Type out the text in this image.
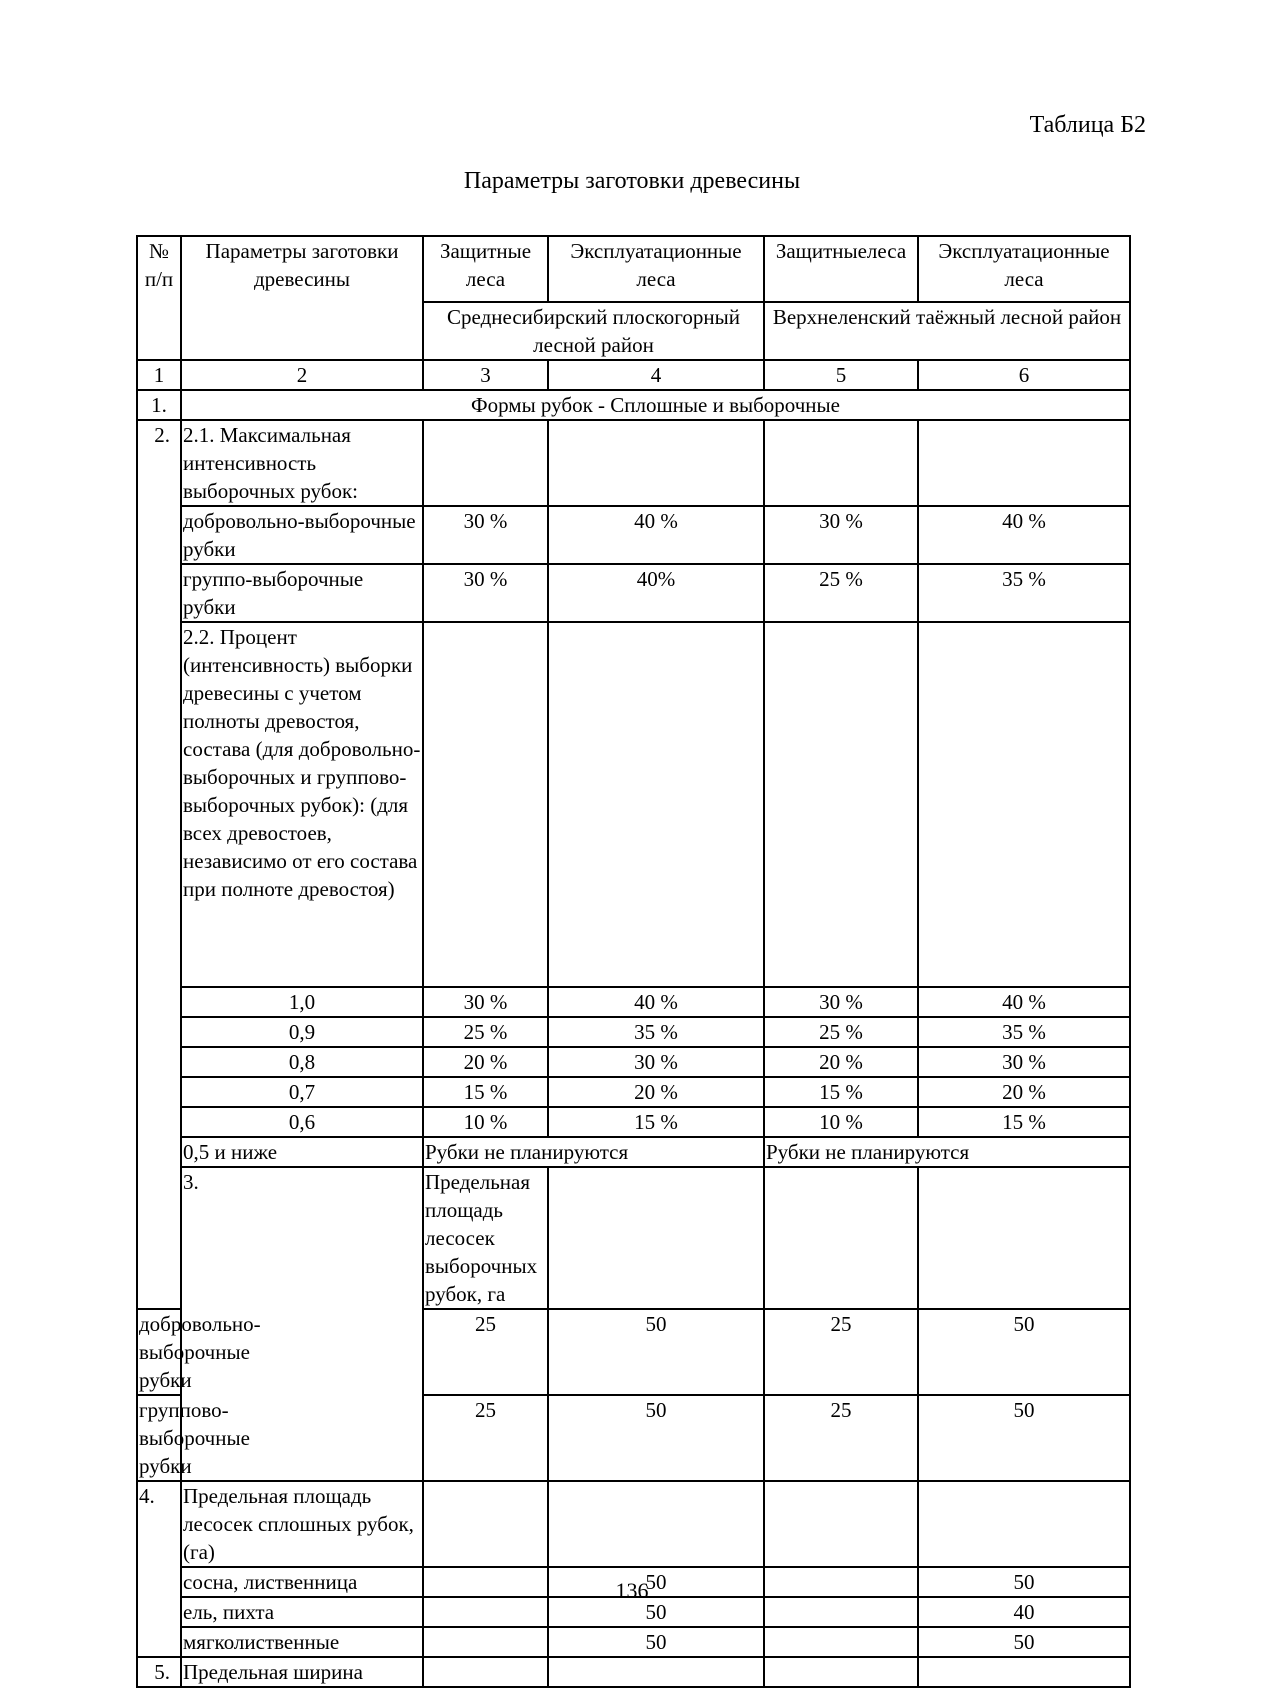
Таблица Б2
Параметры заготовки древесины
№ п/п	Параметры заготовки древесины	Защитные леса	Эксплуатационные леса	Защитныелеса	Эксплуатационные леса	
		Среднесибирский плоскогорный лесной район		Верхнеленский таёжный лесной район		
1	2	3	4	5	6	
1.	Формы рубок - Сплошные и выборочные					
2.	2.1. Максимальная интенсивность выборочных рубок:					
	добровольно-выборочные рубки	30 %	40 %	30 %	40 %	
	группо-выборочные рубки	30 %	40%	25 %	35 %	
	2.2. Процент (интенсивность) выборки древесины с учетом полноты древостоя, состава (для добровольно-выборочных и группово-выборочных рубок): (для всех древостоев, независимо от его состава при полноте древостоя)					
	1,0	30 %	40 %	30 %	40 %	
	0,9	25 %	35 %	25 %	35 %	
	0,8	20 %	30 %	20 %	30 %	
	0,7	15 %	20 %	15 %	20 %	
	0,6	10 %	15 %	10 %	15 %	
	0,5 и ниже	Рубки не планируются		Рубки не планируются		
	3.	Предельная площадь лесосек выборочных рубок, га				
добровольно-выборочные рубки		25	50	25	50	
группово-выборочные рубки		25	50	25	50	
4.	Предельная площадь лесосек сплошных рубок, (га)					
	сосна, лиственница		50		50	
	ель, пихта		50		40	
	мягколиственные		50		50	
5.	Предельная ширина					
136
